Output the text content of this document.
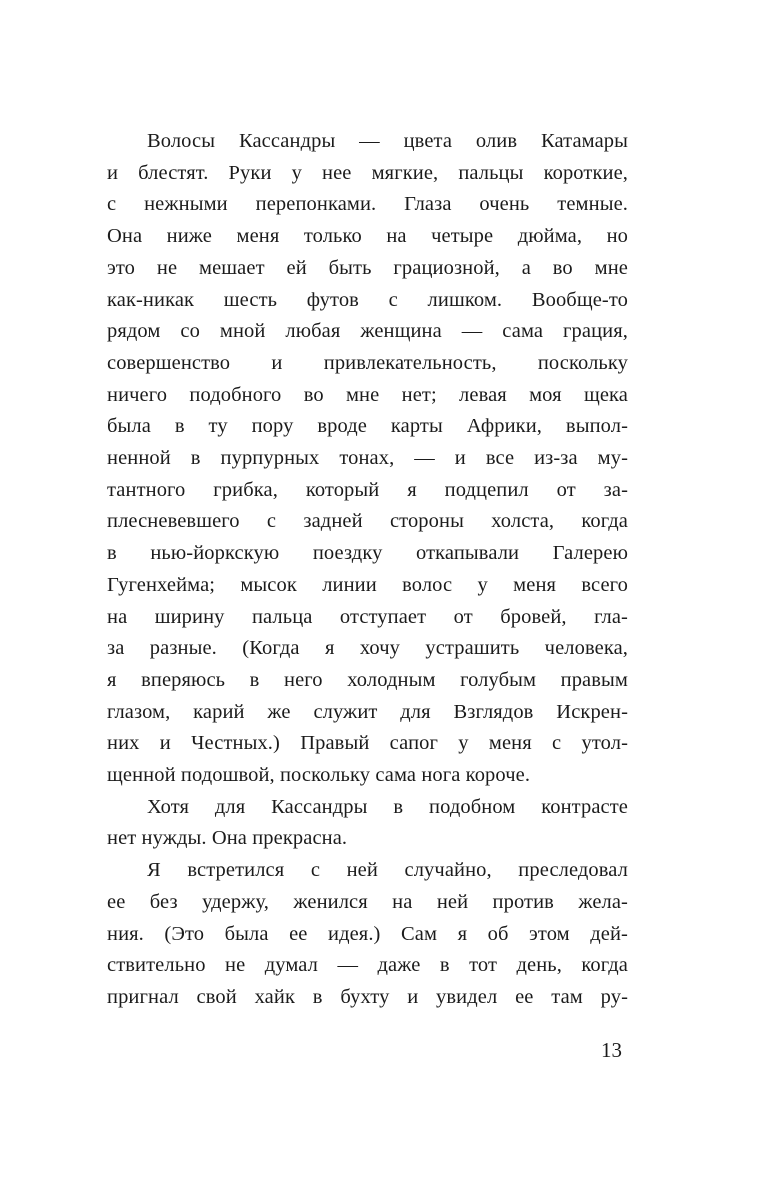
Волосы Кассандры — цвета олив Катамары
и блестят. Руки у нее мягкие, пальцы короткие,
с нежными перепонками. Глаза очень темные.
Она ниже меня только на четыре дюйма, но
это не мешает ей быть грациозной, а во мне
как-никак шесть футов с лишком. Вообще-то
рядом со мной любая женщина — сама грация,
совершенство и привлекательность, поскольку
ничего подобного во мне нет; левая моя щека
была в ту пору вроде карты Африки, выпол-
ненной в пурпурных тонах, — и все из-за му-
тантного грибка, который я подцепил от за-
плесневевшего с задней стороны холста, когда
в нью-йоркскую поездку откапывали Галерею
Гугенхейма; мысок линии волос у меня всего
на ширину пальца отступает от бровей, гла-
за разные. (Когда я хочу устрашить человека,
я вперяюсь в него холодным голубым правым
глазом, карий же служит для Взглядов Искрен-
них и Честных.) Правый сапог у меня с утол-
щенной подошвой, поскольку сама нога короче.
Хотя для Кассандры в подобном контрасте
нет нужды. Она прекрасна.
Я встретился с ней случайно, преследовал
ее без удержу, женился на ней против жела-
ния. (Это была ее идея.) Сам я об этом дей-
ствительно не думал — даже в тот день, когда
пригнал свой хайк в бухту и увидел ее там ру-
13
